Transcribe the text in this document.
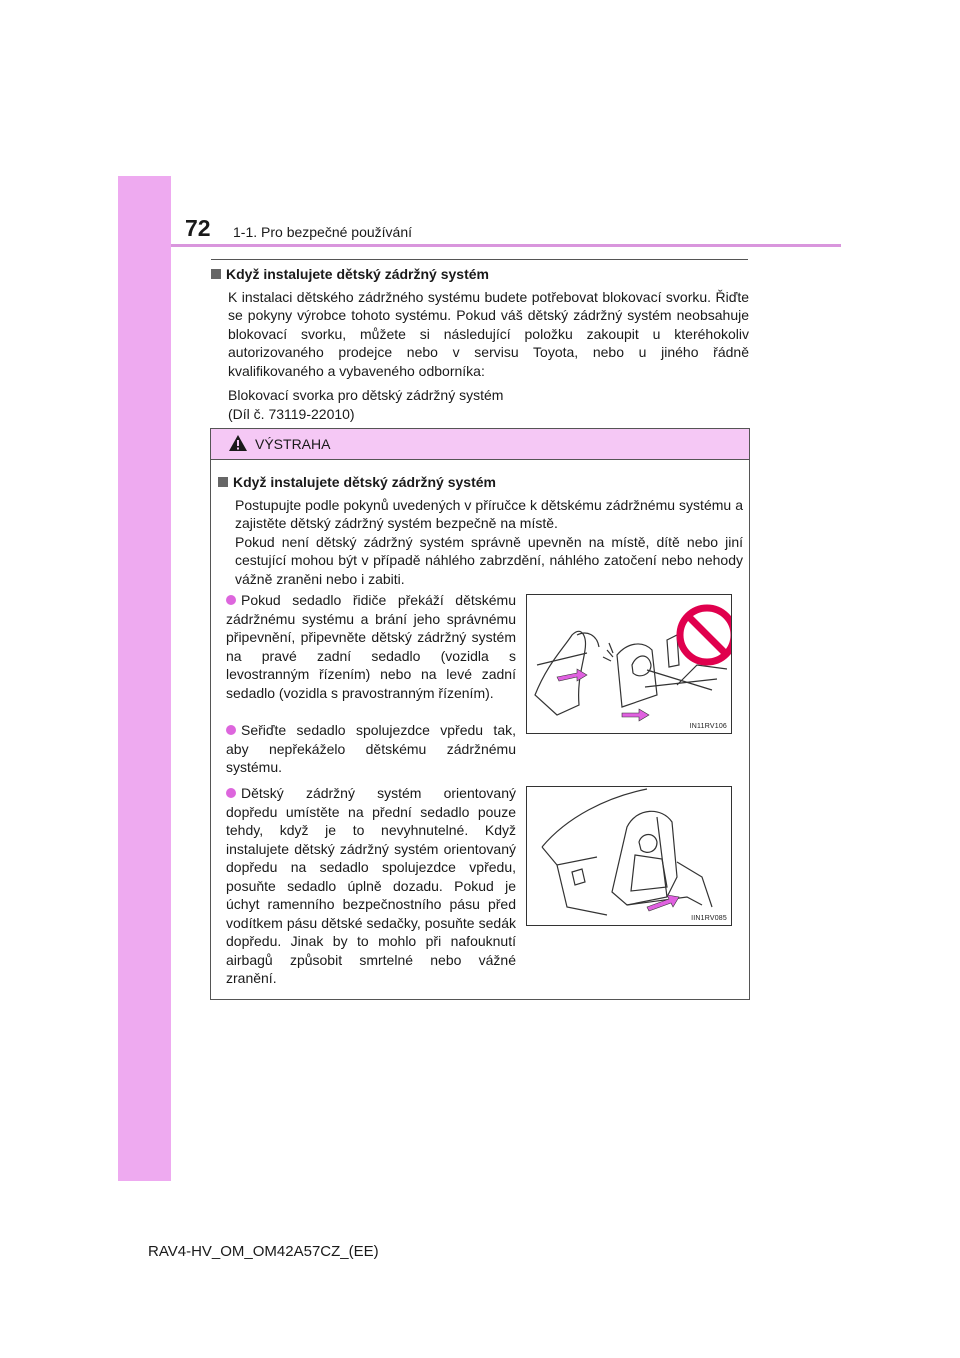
72 1-1. Pro bezpečné používání
Když instalujete dětský zádržný systém
K instalaci dětského zádržného systému budete potřebovat blokovací svorku. Řiďte se pokyny výrobce tohoto systému. Pokud váš dětský zádržný systém neobsahuje blokovací svorku, můžete si následující položku zakoupit u kteréhokoliv autorizovaného prodejce nebo v servisu Toyota, nebo u jiného řádně kvalifikovaného a vybaveného odborníka:
Blokovací svorka pro dětský zádržný systém
(Díl č. 73119-22010)
VÝSTRAHA
Když instalujete dětský zádržný systém
Postupujte podle pokynů uvedených v příručce k dětskému zádržnému systému a zajistěte dětský zádržný systém bezpečně na místě.
Pokud není dětský zádržný systém správně upevněn na místě, dítě nebo jiní cestující mohou být v případě náhlého zabrzdění, náhlého zatočení nebo nehody vážně zraněni nebo i zabiti.
Pokud sedadlo řidiče překáží dětskému zádržnému systému a brání jeho správnému připevnění, připevněte dětský zádržný systém na pravé zadní sedadlo (vozidla s levostranným řízením) nebo na levé zadní sedadlo (vozidla s pravostranným řízením).
Seřiďte sedadlo spolujezdce vpředu tak, aby nepřekáželo dětskému zádržnému systému.
Dětský zádržný systém orientovaný dopředu umístěte na přední sedadlo pouze tehdy, když je to nevyhnutelné. Když instalujete dětský zádržný systém orientovaný dopředu na sedadlo spolujezdce vpředu, posuňte sedadlo úplně dozadu. Pokud je úchyt ramenního bezpečnostního pásu před vodítkem pásu dětské sedačky, posuňte sedák dopředu. Jinak by to mohlo při nafouknutí airbagů způsobit smrtelné nebo vážné zranění.
IN11RV106
IIN1RV085
RAV4-HV_OM_OM42A57CZ_(EE)
